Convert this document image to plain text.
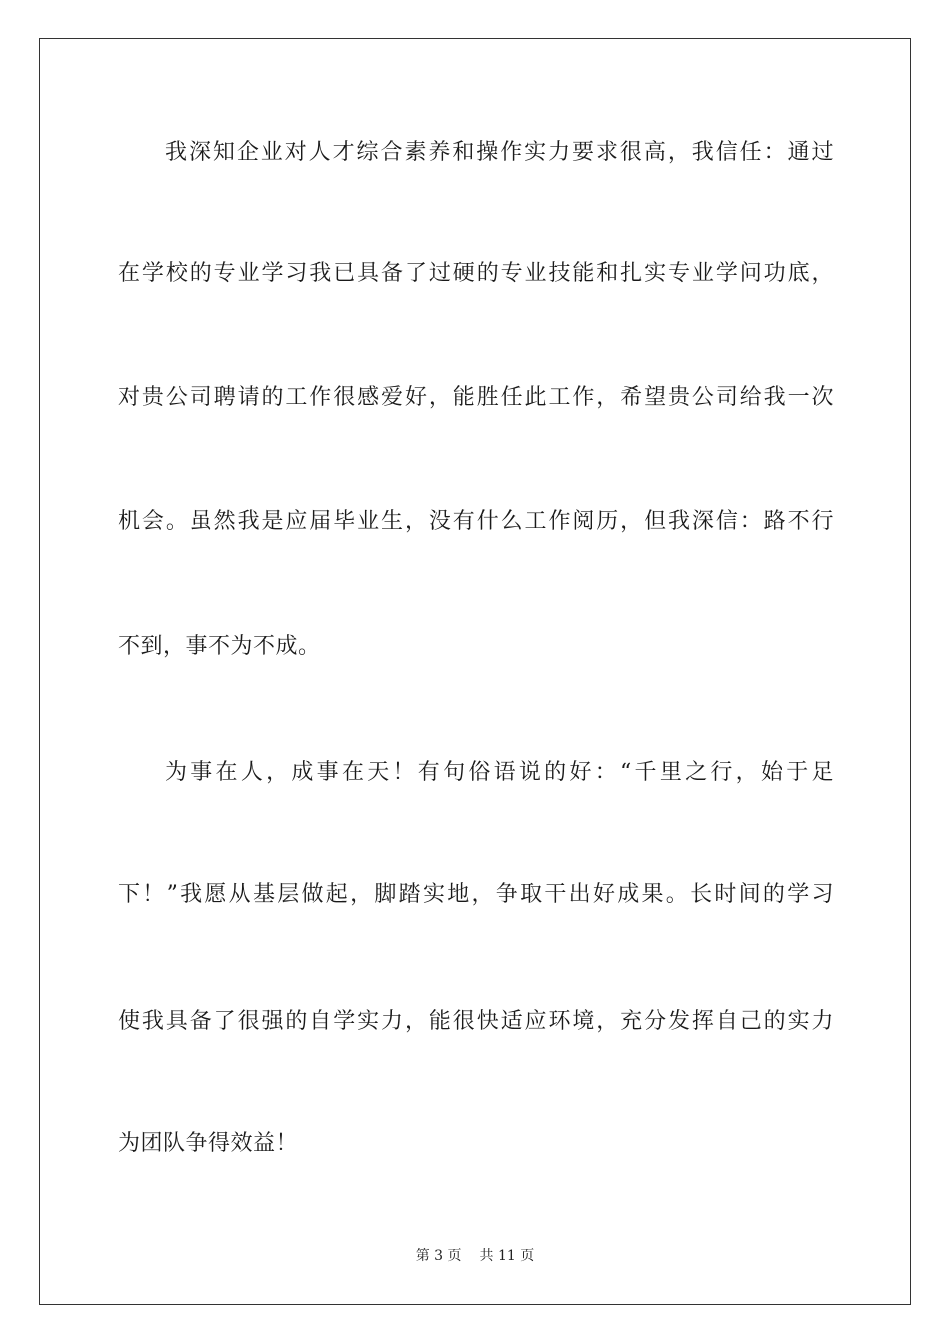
我深知企业对人才综合素养和操作实力要求很高，我信任：通过
在学校的专业学习我已具备了过硬的专业技能和扎实专业学问功底，
对贵公司聘请的工作很感爱好，能胜任此工作，希望贵公司给我一次
机会。虽然我是应届毕业生，没有什么工作阅历，但我深信：路不行
不到，事不为不成。
为事在人，成事在天！有句俗语说的好：“千里之行，始于足
下！”我愿从基层做起，脚踏实地，争取干出好成果。长时间的学习
使我具备了很强的自学实力，能很快适应环境，充分发挥自己的实力
为团队争得效益！
第 3 页 共 11 页
